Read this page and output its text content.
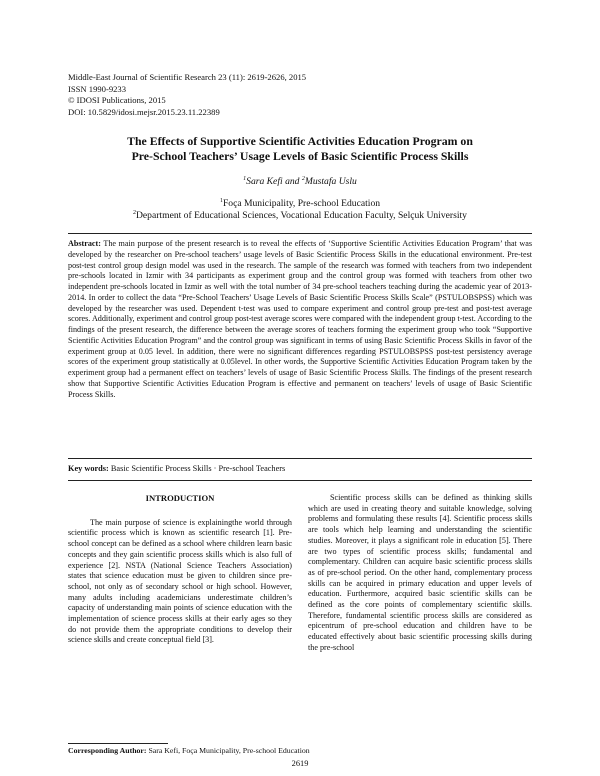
Middle-East Journal of Scientific Research 23 (11): 2619-2626, 2015
ISSN 1990-9233
© IDOSI Publications, 2015
DOI: 10.5829/idosi.mejsr.2015.23.11.22389
The Effects of Supportive Scientific Activities Education Program on
Pre-School Teachers’ Usage Levels of Basic Scientific Process Skills
$^1$Sara Kefi and $^2$Mustafa Uslu
$^1$Foça Municipality, Pre-school Education
$^2$Department of Educational Sciences, Vocational Education Faculty, Selçuk University
Abstract: The main purpose of the present research is to reveal the effects of ‘Supportive Scientific Activities Education Program’ that was developed by the researcher on Pre-school teachers’ usage levels of Basic Scientific Process Skills in the educational environment. Pre-test post-test control group design model was used in the research. The sample of the research was formed with teachers from two independent pre-schools located in Izmir with 34 participants as experiment group and the control group was formed with teachers from other two independent pre-schools located in Izmir as well with the total number of 34 pre-school teachers teaching during the academic year of 2013-2014. In order to collect the data “Pre-School Teachers’ Usage Levels of Basic Scientific Process Skills Scale” (PSTULOBSPSS) which was developed by the researcher was used. Dependent t-test was used to compare experiment and control group pre-test and post-test average scores. Additionally, experiment and control group post-test average scores were compared with the independent group t-test. According to the findings of the present research, the difference between the average scores of teachers forming the experiment group who took “Supportive Scientific Activities Education Program” and the control group was significant in terms of using Basic Scientific Process Skills in favor of the experiment group at 0.05 level. In addition, there were no significant differences regarding PSTULOBSPSS post-test persistency average scores of the experiment group statistically at 0.05level. In other words, the Supportive Scientific Activities Education Program taken by the experiment group had a permanent effect on teachers’ levels of usage of Basic Scientific Process Skills. The findings of the present research show that Supportive Scientific Activities Education Program is effective and permanent on teachers’ levels of usage of Basic Scientific Process Skills.
Key words: Basic Scientific Process Skills · Pre-school Teachers

INTRODUCTION

The main purpose of science is explainingthe world through scientific process which is known as scientific research [1]. Pre-school concept can be defined as a school where children learn basic concepts and they gain scientific process skills which is also full of experience [2]. NSTA (National Science Teachers Association) states that science education must be given to children since pre-school, not only as of secondary school or high school. However, many adults including academicians underestimate children’s capacity of understanding main points of science education with the implementation of science process skills at their early ages so they do not provide them the appropriate conditions to develop their science skills and create conceptual field [3].

Scientific process skills can be defined as thinking skills which are used in creating theory and suitable knowledge, solving problems and formulating these results [4]. Scientific process skills are tools which help learning and understanding the scientific studies. Moreover, it plays a significant role in education [5]. There are two types of scientific process skills; fundamental and complementary. Children can acquire basic scientific process skills as of pre-school period. On the other hand, complementary process skills can be acquired in primary education and upper levels of education. Furthermore, acquired basic scientific skills can be defined as the core points of complementary scientific skills. Therefore, fundamental scientific process skills are considered as epicentrum of pre-school education and children have to be educated effectively about basic scientific processing skills during the pre-school

Corresponding Author: Sara Kefi, Foça Municipality, Pre-school Education
2619
